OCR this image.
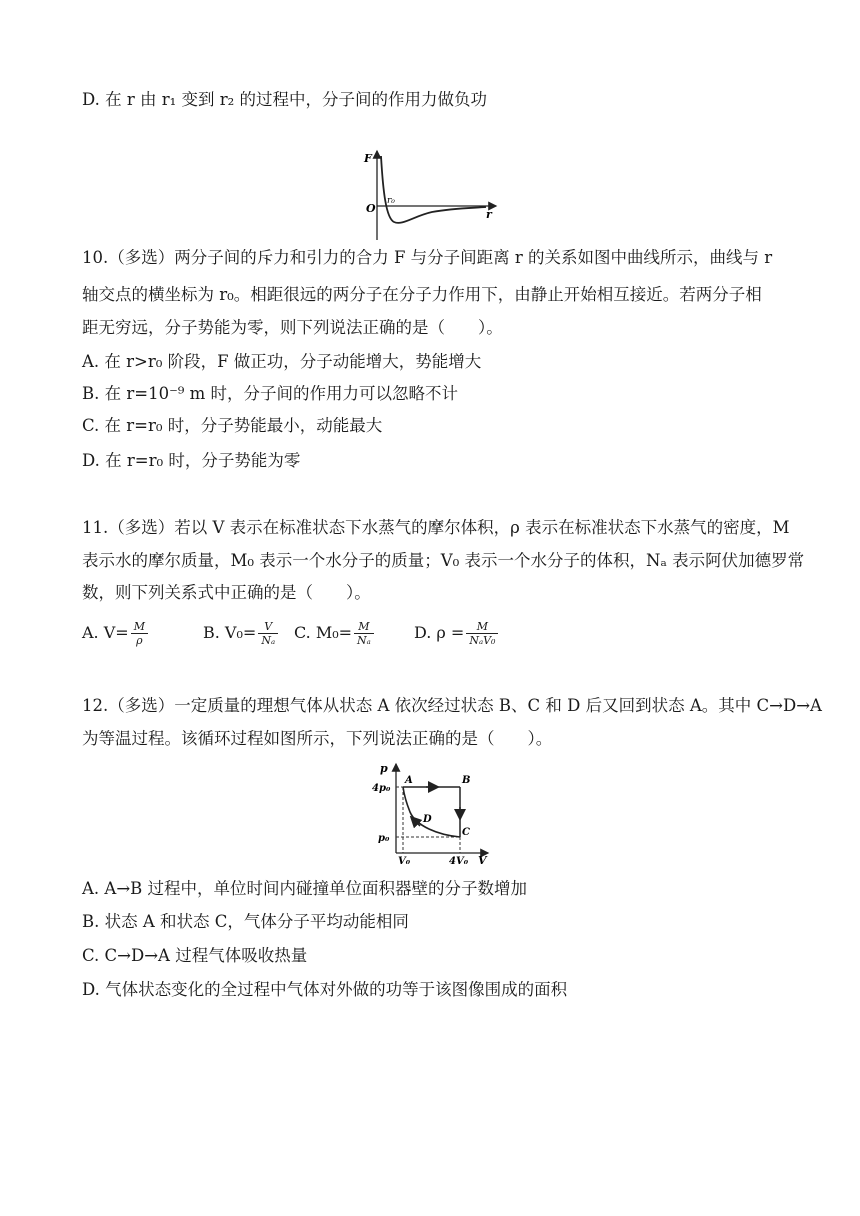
D. 在 r 由 r₁ 变到 r₂ 的过程中，分子间的作用力做负功
F
O
r₀
r
10.（多选）两分子间的斥力和引力的合力 F 与分子间距离 r 的关系如图中曲线所示，曲线与 r
轴交点的横坐标为 r₀。相距很远的两分子在分子力作用下，由静止开始相互接近。若两分子相
距无穷远，分子势能为零，则下列说法正确的是（　　）。
A. 在 r>r₀ 阶段，F 做正功，分子动能增大，势能增大
B. 在 r=10⁻⁹ m 时，分子间的作用力可以忽略不计
C. 在 r=r₀ 时，分子势能最小，动能最大
D. 在 r=r₀ 时，分子势能为零
11.（多选）若以 V 表示在标准状态下水蒸气的摩尔体积，ρ 表示在标准状态下水蒸气的密度，M
表示水的摩尔质量，M₀ 表示一个水分子的质量；V₀ 表示一个水分子的体积，Nₐ 表示阿伏加德罗常
数，则下列关系式中正确的是（　　）。
A. $V= \frac{M}{\rho}$	B. $V_0= \frac{V}{\text{Nₐ}} C$. $M_0= \frac{M}{\text{Nₐ}}$	D. $\rho = \frac{M}{\text{NₐV₀}}$
12.（多选）一定质量的理想气体从状态 A 依次经过状态 B、C 和 D 后又回到状态 A。其中 C→D→A
为等温过程。该循环过程如图所示，下列说法正确的是（　　）。
p
A	B
C
D
4p₀
p₀
V₀	4V₀ V
A. A→B 过程中，单位时间内碰撞单位面积器壁的分子数增加
B. 状态 A 和状态 C，气体分子平均动能相同
C. C→D→A 过程气体吸收热量
D. 气体状态变化的全过程中气体对外做的功等于该图像围成的面积
